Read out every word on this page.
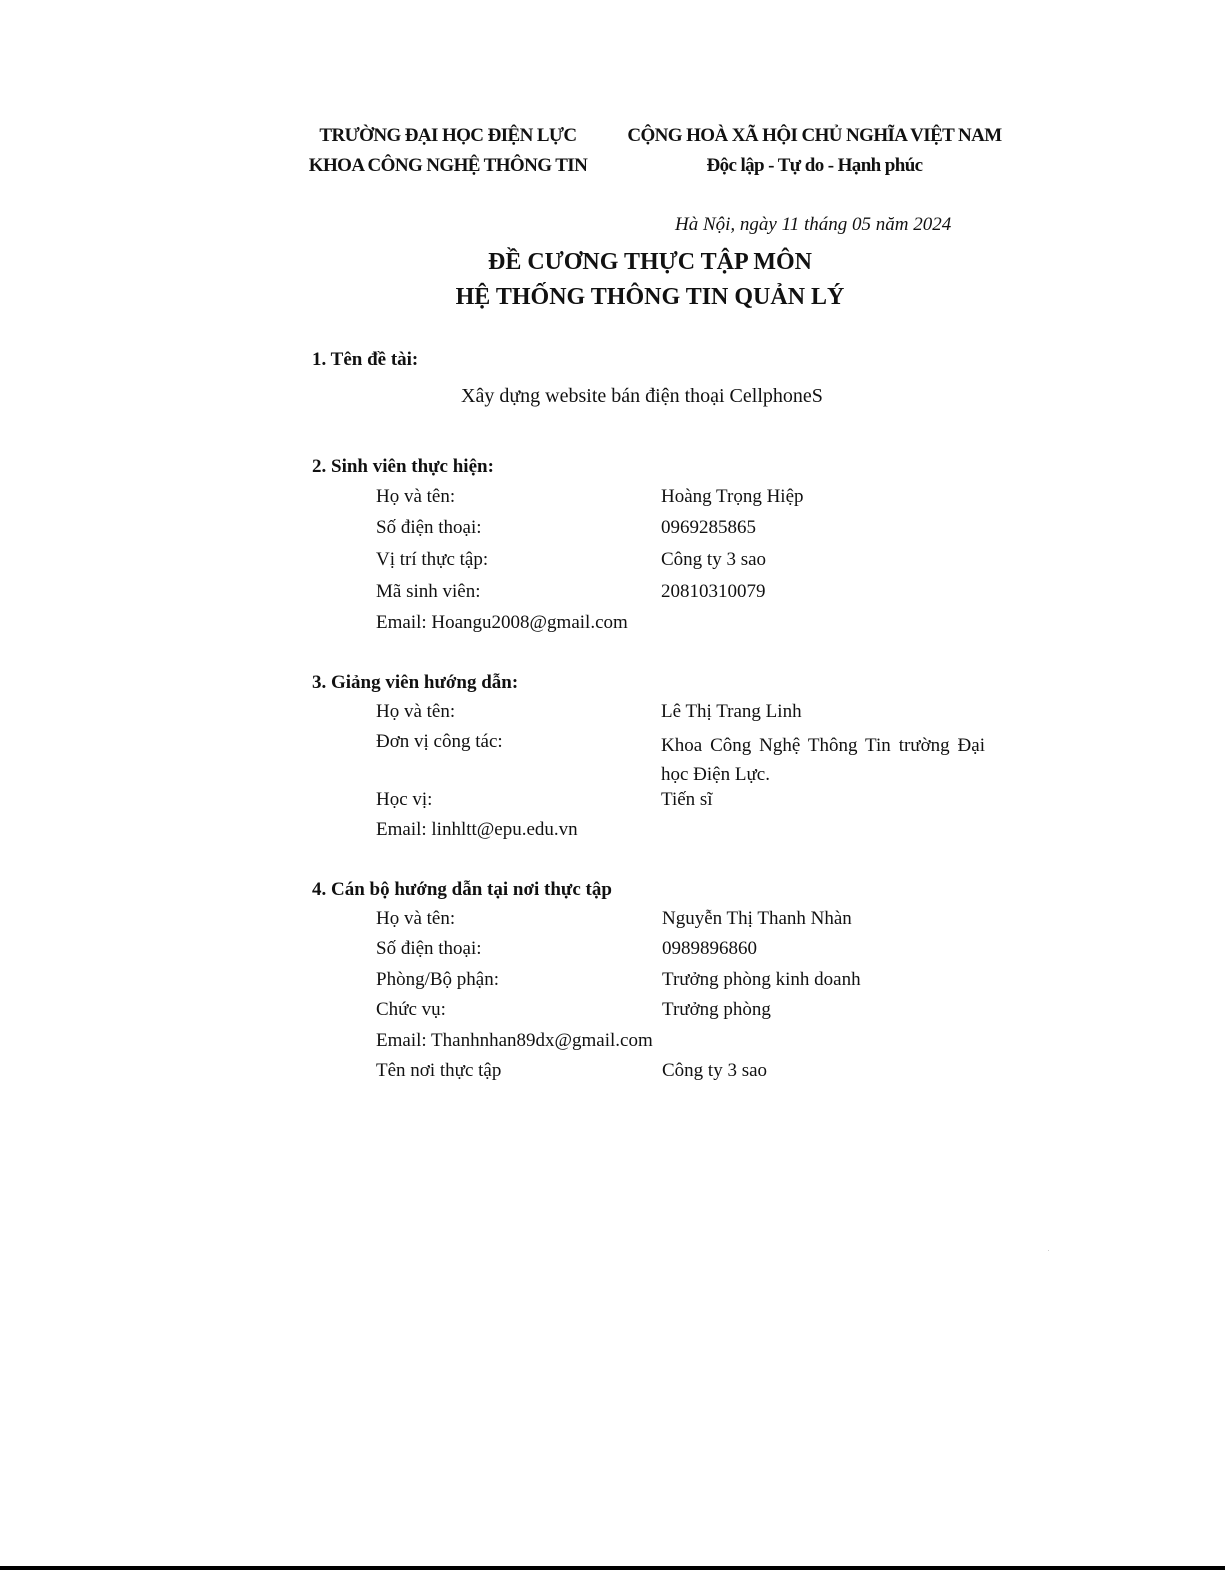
TRƯỜNG ĐẠI HỌC ĐIỆN LỰC
KHOA CÔNG NGHỆ THÔNG TIN
CỘNG HOÀ XÃ HỘI CHỦ NGHĨA VIỆT NAM
Độc lập - Tự do - Hạnh phúc
Hà Nội, ngày 11 tháng 05 năm 2024
ĐỀ CƯƠNG THỰC TẬP MÔN
HỆ THỐNG THÔNG TIN QUẢN LÝ
1. Tên đề tài:
Xây dựng website bán điện thoại CellphoneS
2. Sinh viên thực hiện:
Họ và tên:	Hoàng Trọng Hiệp
Số điện thoại:	0969285865
Vị trí thực tập:	Công ty 3 sao
Mã sinh viên:	20810310079
Email: Hoangu2008@gmail.com
3. Giảng viên hướng dẫn:
Họ và tên:	Lê Thị Trang Linh
Đơn vị công tác:	Khoa Công Nghệ Thông Tin trường Đại học Điện Lực.
Học vị:	Tiến sĩ
Email: linhltt@epu.edu.vn
4. Cán bộ hướng dẫn tại nơi thực tập
Họ và tên:	Nguyễn Thị Thanh Nhàn
Số điện thoại:	0989896860
Phòng/Bộ phận:	Trưởng phòng kinh doanh
Chức vụ:	Trưởng phòng
Email: Thanhnhan89dx@gmail.com
Tên nơi thực tập	Công ty 3 sao
